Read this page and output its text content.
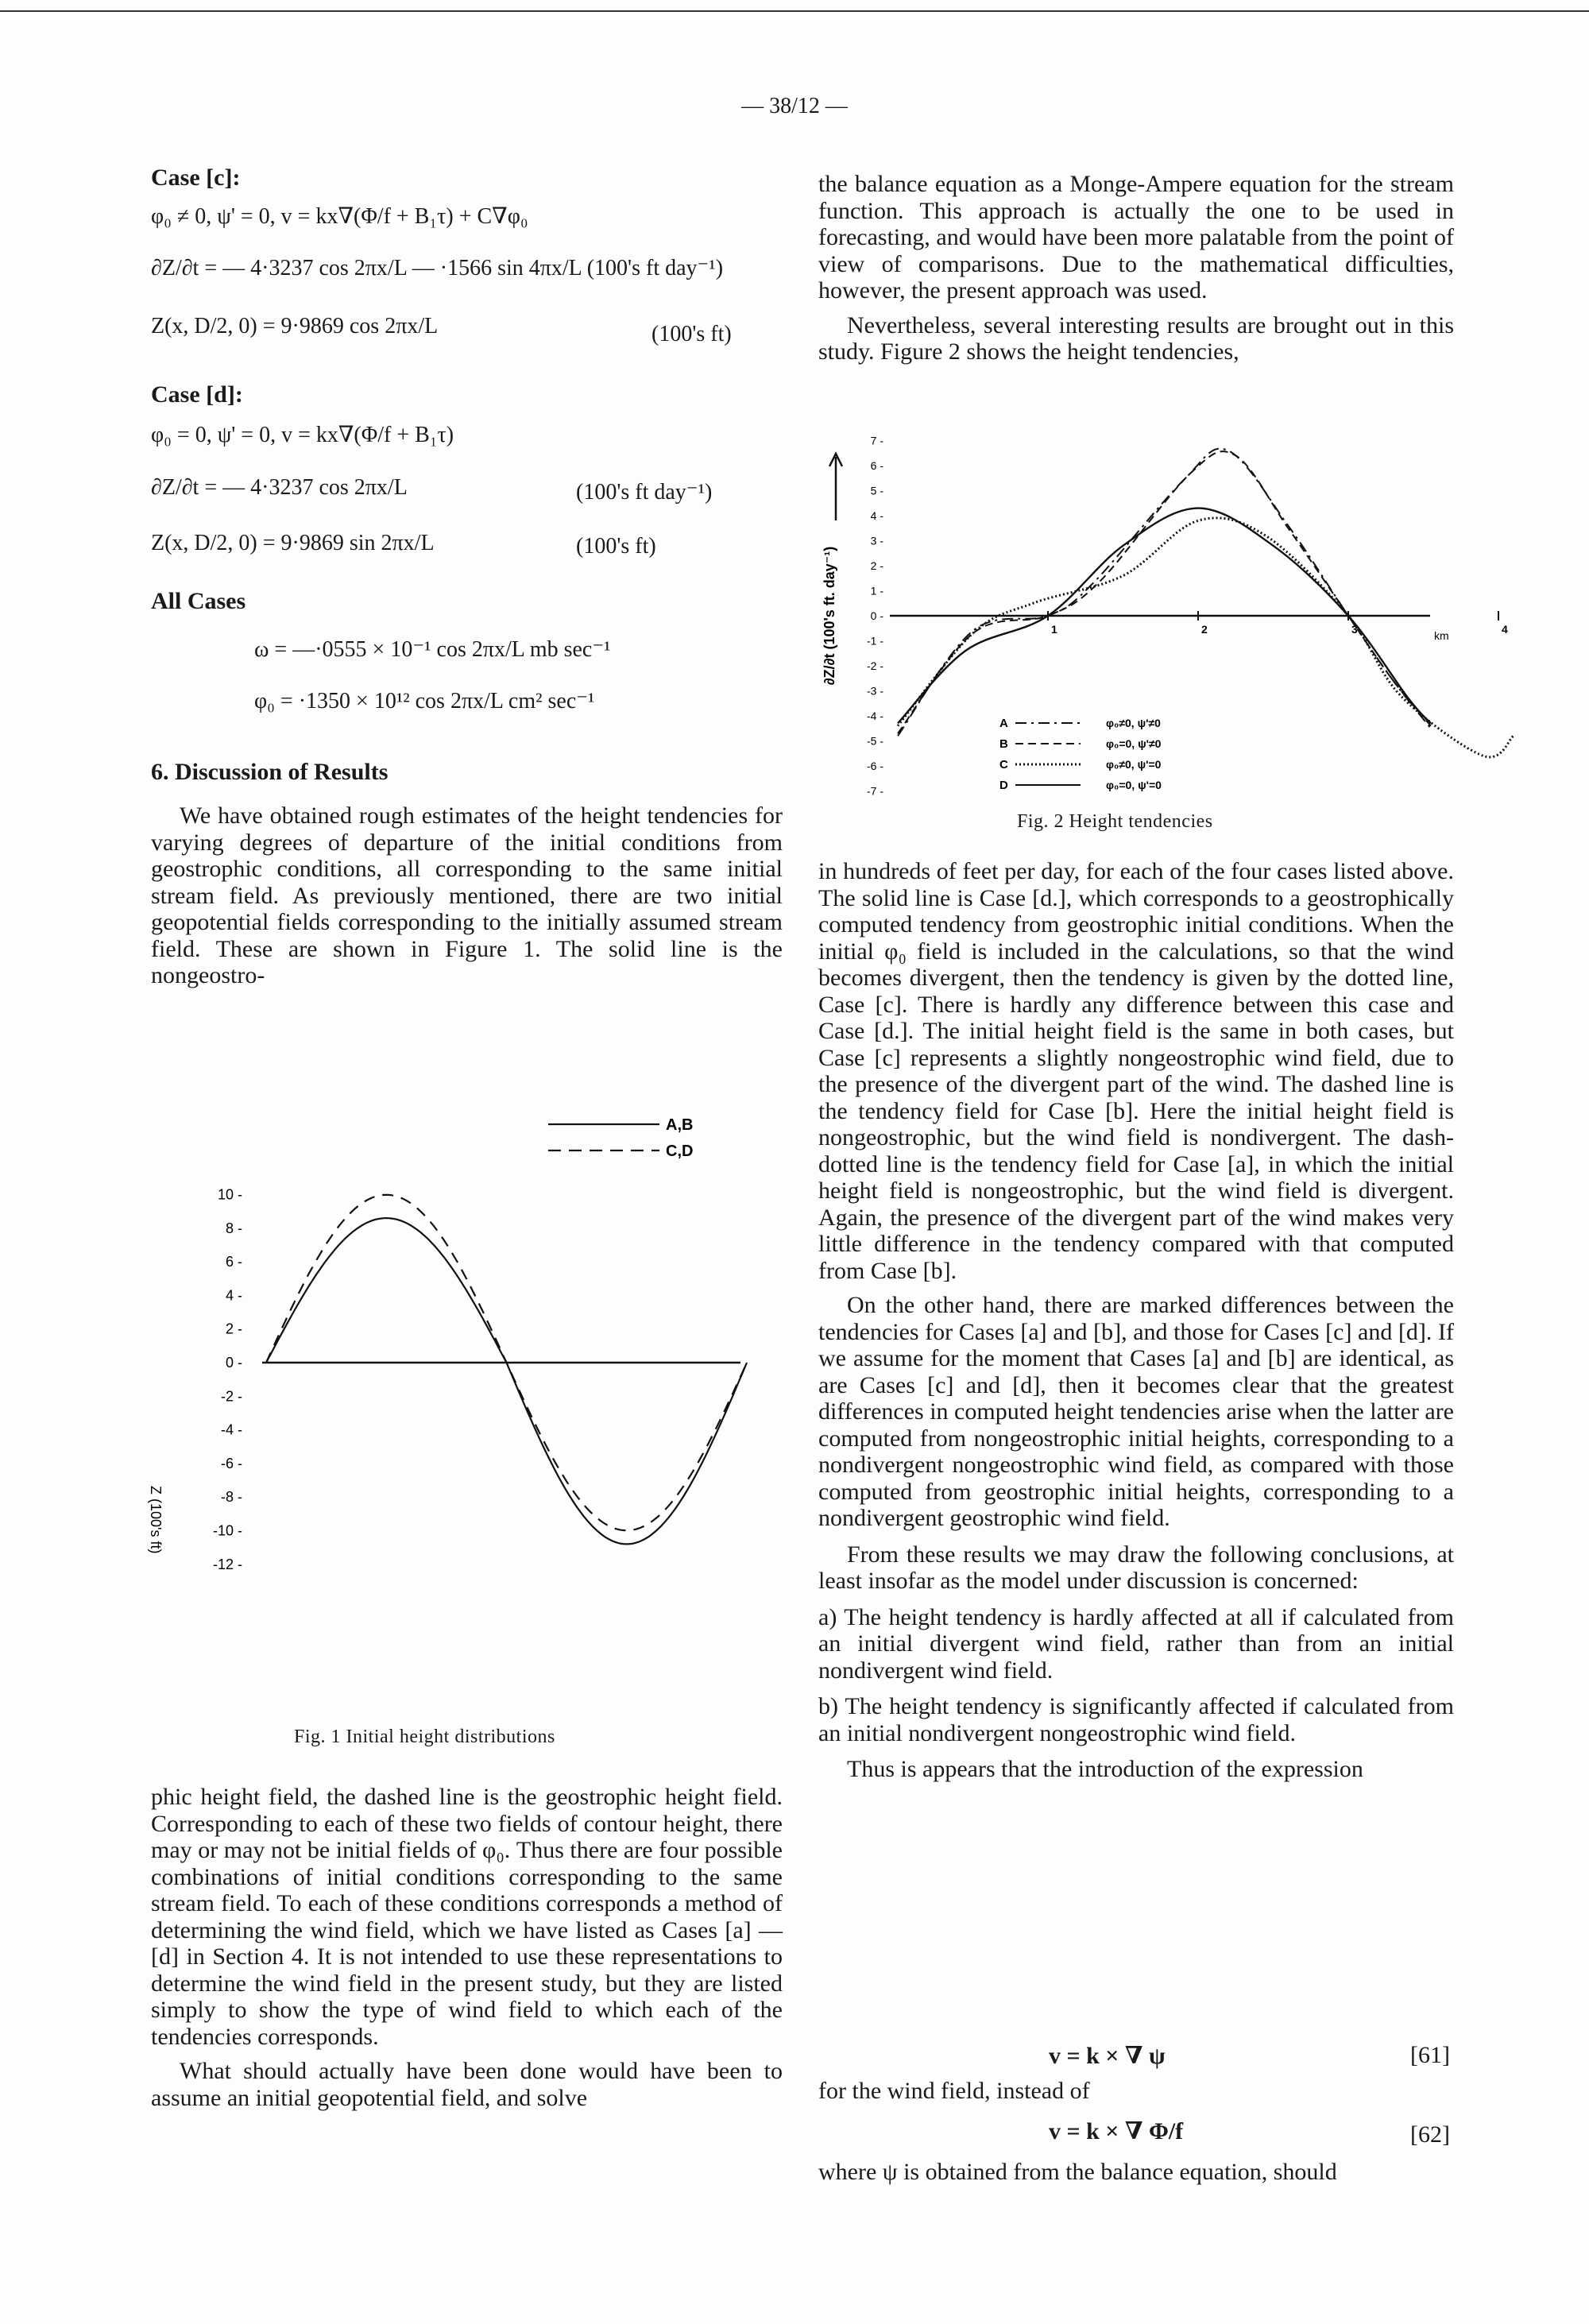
— 38/12 —
Case [c]:
φ₀ ≠ 0, ψ' = 0, v = kx∇(Φ/f + B₁τ) + C∇φ₀
∂Z/∂t = — 4·3237 cos 2πx/L — ·1566 sin 4πx/L (100's ft day⁻¹)
Z(x, D/2, 0) = 9·9869 cos 2πx/L	(100's ft)
Case [d]:
φ₀ = 0, ψ' = 0, v = kx∇(Φ/f + B₁τ)
∂Z/∂t = — 4·3237 cos 2πx/L	(100's ft day⁻¹)
Z(x, D/2, 0) = 9·9869 sin 2πx/L	(100's ft)
All Cases
ω = —·0555 × 10⁻¹ cos 2πx/L mb sec⁻¹
φ₀ = ·1350 × 10¹² cos 2πx/L cm² sec⁻¹
6. Discussion of Results

We have obtained rough estimates of the height tendencies for varying degrees of departure of the initial conditions from geostrophic conditions, all corresponding to the same initial stream field. As previously mentioned, there are two initial geopotential fields corresponding to the initially assumed stream field. These are shown in Figure 1. The solid line is the nongeostro-

10 -
8 -
6 -
4 -
2 -
0 -
-2 -
-4 -
-6 -
-8 -
-10 -
-12 -
Z (100's ft)
A,B
C,D
Fig. 1 Initial height distributions

phic height field, the dashed line is the geostrophic height field. Corresponding to each of these two fields of contour height, there may or may not be initial fields of φ₀. Thus there are four possible combinations of initial conditions corresponding to the same stream field. To each of these conditions corresponds a method of determining the wind field, which we have listed as Cases [a] — [d] in Section 4. It is not intended to use these representations to determine the wind field in the present study, but they are listed simply to show the type of wind field to which each of the tendencies corresponds.

What should actually have been done would have been to assume an initial geopotential field, and solve

the balance equation as a Monge-Ampere equation for the stream function. This approach is actually the one to be used in forecasting, and would have been more palatable from the point of view of comparisons. Due to the mathematical difficulties, however, the present approach was used.

Nevertheless, several interesting results are brought out in this study. Figure 2 shows the height tendencies,

7 -
6 -
5 -
4 -
3 -
2 -
1 -
0 -
-1 -
-2 -
-3 -
-4 -
-5 -
-6 -
-7 -
1	2	3	4
km
∂Z/∂t (100's ft. day⁻¹)
A	φ₀≠0, ψ'≠0
B	φ₀=0, ψ'≠0
C	φ₀≠0, ψ'=0
D	φ₀=0, ψ'=0
Fig. 2 Height tendencies

in hundreds of feet per day, for each of the four cases listed above. The solid line is Case [d.], which corresponds to a geostrophically computed tendency from geostrophic initial conditions. When the initial φ₀ field is included in the calculations, so that the wind becomes divergent, then the tendency is given by the dotted line, Case [c]. There is hardly any difference between this case and Case [d.]. The initial height field is the same in both cases, but Case [c] represents a slightly nongeostrophic wind field, due to the presence of the divergent part of the wind. The dashed line is the tendency field for Case [b]. Here the initial height field is nongeostrophic, but the wind field is nondivergent. The dash-dotted line is the tendency field for Case [a], in which the initial height field is nongeostrophic, but the wind field is divergent. Again, the presence of the divergent part of the wind makes very little difference in the tendency compared with that computed from Case [b].

On the other hand, there are marked differences between the tendencies for Cases [a] and [b], and those for Cases [c] and [d]. If we assume for the moment that Cases [a] and [b] are identical, as are Cases [c] and [d], then it becomes clear that the greatest differences in computed height tendencies arise when the latter are computed from nongeostrophic initial heights, corresponding to a nondivergent nongeostrophic wind field, as compared with those computed from geostrophic initial heights, corresponding to a nondivergent geostrophic wind field.

From these results we may draw the following conclusions, at least insofar as the model under discussion is concerned:

a) The height tendency is hardly affected at all if calculated from an initial divergent wind field, rather than from an initial nondivergent wind field.

b) The height tendency is significantly affected if calculated from an initial nondivergent nongeostrophic wind field.

Thus is appears that the introduction of the expression

v = k × ∇ ψ	[61]

for the wind field, instead of

v = k × ∇ Φ/f	[62]

where ψ is obtained from the balance equation, should
